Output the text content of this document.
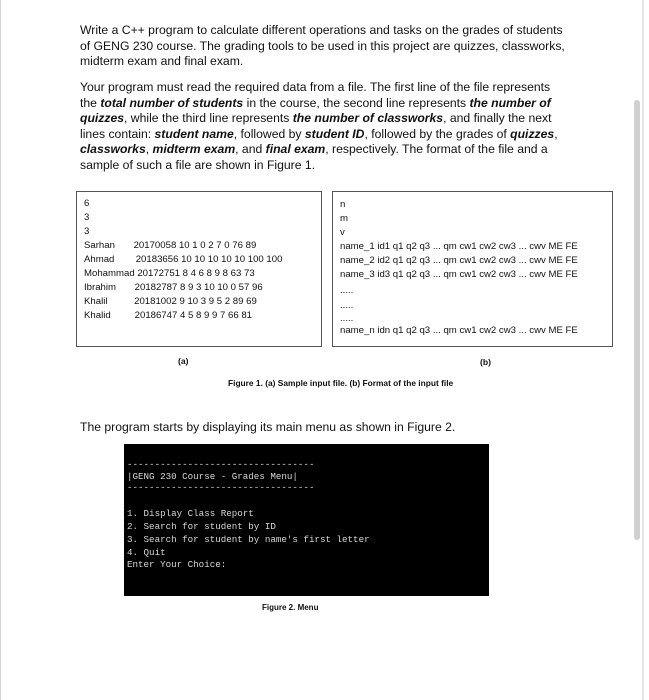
Write a C++ program to calculate different operations and tasks on the grades of students
of GENG 230 course. The grading tools to be used in this project are quizzes, classworks,
midterm exam and final exam.
Your program must read the required data from a file. The first line of the file represents
the total number of students in the course, the second line represents the number of
quizzes, while the third line represents the number of classworks, and finally the next
lines contain: student name, followed by student ID, followed by the grades of quizzes,
classworks, midterm exam, and final exam, respectively. The format of the file and a
sample of such a file are shown in Figure 1.
6
3
3
Sarhan       20170058 10 1 0 2 7 0 76 89
Ahmad        20183656 10 10 10 10 10 100 100
Mohammad 20172751 8 4 6 8 9 8 63 73
Ibrahim       20182787 8 9 3 10 10 0 57 96
Khalil          20181002 9 10 3 9 5 2 89 69
Khalid         20186747 4 5 8 9 9 7 66 81
n
m
v
name_1 id1 q1 q2 q3 ... qm cw1 cw2 cw3 ... cwv ME FE
name_2 id2 q1 q2 q3 ... qm cw1 cw2 cw3 ... cwv ME FE
name_3 id3 q1 q2 q3 ... qm cw1 cw2 cw3 ... cwv ME FE
.....
.....
.....
name_n idn q1 q2 q3 ... qm cw1 cw2 cw3 ... cwv ME FE
(a)	(b)
Figure 1. (a) Sample input file. (b) Format of the input file
The program starts by displaying its main menu as shown in Figure 2.
----------------------------------
|GENG 230 Course - Grades Menu|
----------------------------------
1. Display Class Report
2. Search for student by ID
3. Search for student by name's first letter
4. Quit
Enter Your Choice:
Figure 2. Menu
